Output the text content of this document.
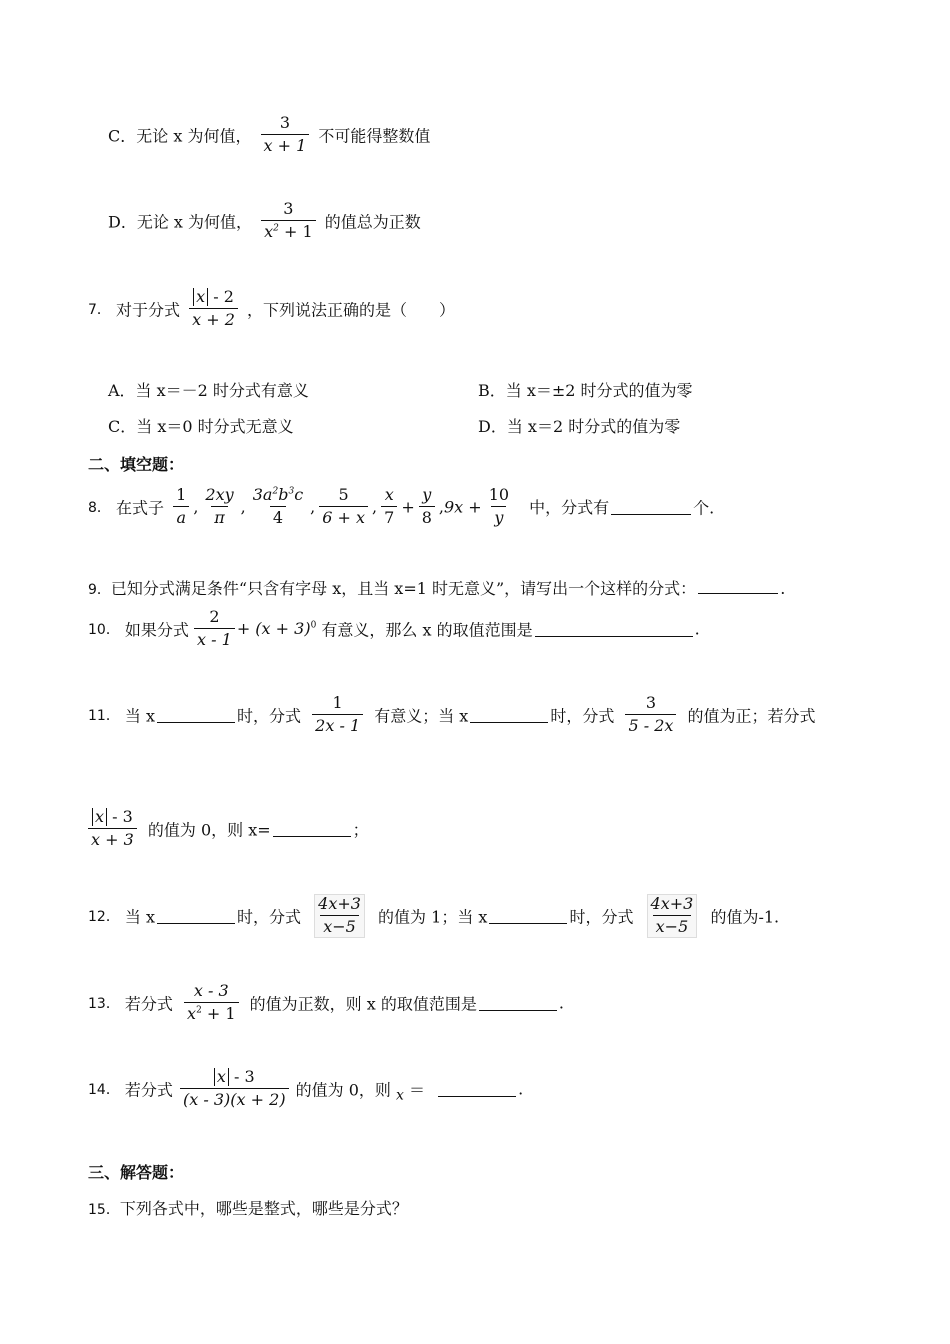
C．无论 x 为何值， $\frac{3}{x + 1}$ 不可能得整数值
D．无论 x 为何值， $\frac{3}{x^2 + 1}$ 的值总为正数
7． 对于分式 $\frac{x - 2}{x + 2}$ ，下列说法正确的是（　　）
A．当 x＝－2 时分式有意义	B．当 x＝±2 时分式的值为零
C．当 x＝0 时分式无意义	D．当 x＝2 时分式的值为零
二、填空题：
8． 在式子 $\frac{1}{a}$ , $\frac{2xy}{\pi}$ , $\frac{3a^2b^3c}{4}$ , $\frac{5}{6 + x}$ , $\frac{x}{7} + \frac{y}{8} ,9x + \frac{10}{y}$ 中，分式有	个.
9．已知分式满足条件“只含有字母 x，且当 x=1 时无意义”，请写出一个这样的分式：	.
10． 如果分式 $\frac{2}{x - 1} + (x + 3)^0$ 有意义，那么 x 的取值范围是	.
11． 当 x	时，分式 $\frac{1}{2x - 1}$ 有意义；当 x	时，分式 $\frac{3}{5 - 2x}$ 的值为正；若分式
$\frac{x - 3}{x + 3}$ 的值为 0，则 x=	；
12． 当 x	时，分式 $\frac{4x+3}{x-5}$ 的值为 1；当 x	时，分式 $\frac{4x+3}{x-5}$ 的值为-1.
13． 若分式 $\frac{x - 3}{x^2 + 1}$ 的值为正数，则 x 的取值范围是	.
14． 若分式 $\frac{x - 3}{(x - 3)(x + 2)}$ 的值为 0，则 x ＝	.
三、解答题：
15．下列各式中，哪些是整式，哪些是分式？
